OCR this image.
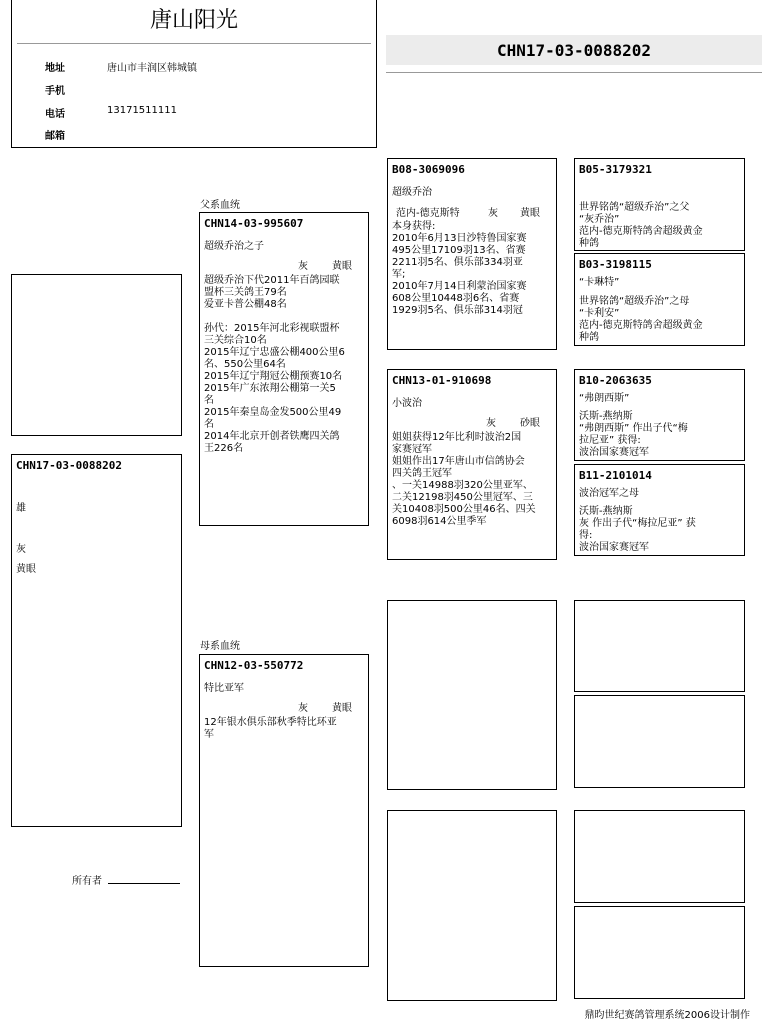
唐山阳光
地址	唐山市丰润区韩城镇
手机
电话	13171511111
邮箱
CHN17-03-0088202
CHN17-03-0088202
雄
灰
黄眼
所有者
父系血统
CHN14-03-995607
超级乔治之子
灰 黄眼
超级乔治下代2011年百鸽园联
盟杯三关鸽王79名
爱亚卡普公棚48名
孙代：2015年河北彩视联盟杯
三关综合10名
2015年辽宁忠盛公棚400公里6
名、550公里64名
2015年辽宁翔冠公棚预赛10名
2015年广东浓翔公棚第一关5
名
2015年秦皇岛金发500公里49
名
2014年北京开创者铁鹰四关鸽
王226名
母系血统
CHN12-03-550772
特比亚军
灰 黄眼
12年银水俱乐部秋季特比环亚
军
B08-3069096
超级乔治
范内-德克斯特	灰 黄眼
本身获得:
2010年6月13日沙特鲁国家赛
495公里17109羽13名、省赛
2211羽5名、俱乐部334羽亚
军;
2010年7月14日利蒙治国家赛
608公里10448羽6名、省赛
1929羽5名、俱乐部314羽冠
CHN13-01-910698
小波治
灰 砂眼
姐姐获得12年比利时波治2国
家赛冠军
姐姐作出17年唐山市信鸽协会
四关鸽王冠军
、一关14988羽320公里亚军、
二关12198羽450公里冠军、三
关10408羽500公里46名、四关
6098羽614公里季军
B05-3179321
世界铭鸽“超级乔治”之父
“灰乔治”
范内-德克斯特鸽舍超级黄金
种鸽
B03-3198115
“卡琳特”
世界铭鸽“超级乔治”之母
“卡利安”
范内-德克斯特鸽舍超级黄金
种鸽
B10-2063635
“弗朗西斯”
沃斯-燕纳斯
“弗朗西斯” 作出子代“梅
拉尼亚” 获得:
波治国家赛冠军
B11-2101014
波治冠军之母
沃斯-燕纳斯
灰 作出子代“梅拉尼亚” 获
得:
波治国家赛冠军
鼎昀世纪赛鸽管理系统2006设计制作
